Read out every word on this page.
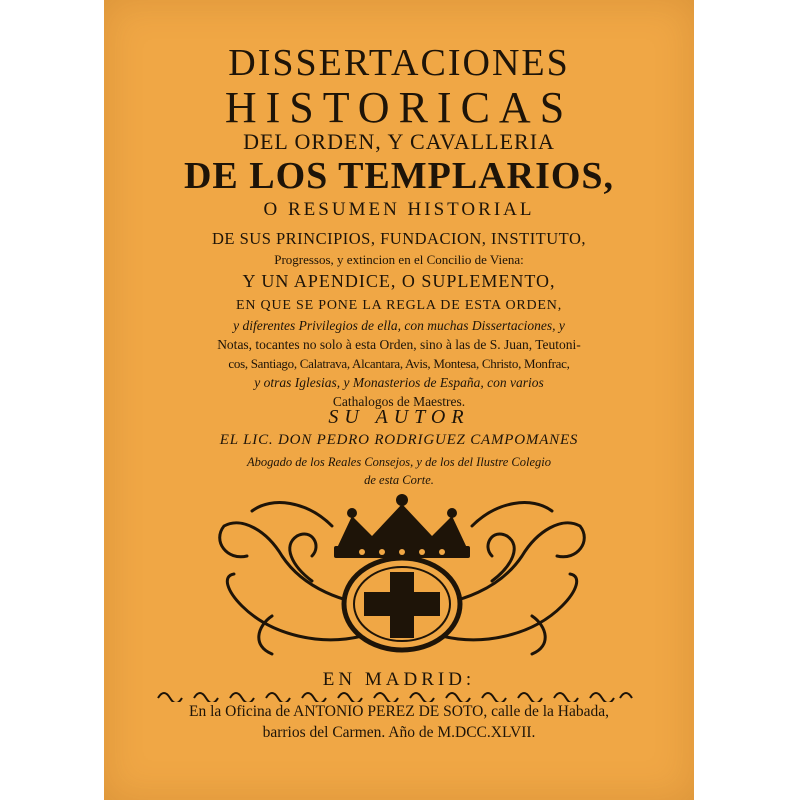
DISSERTACIONES

HISTORICAS

DEL ORDEN, Y CAVALLERIA

DE LOS TEMPLARIOS,

O RESUMEN HISTORIAL

DE SUS PRINCIPIOS, FUNDACION, INSTITUTO,

Progressos, y extincion en el Concilio de Viena:

Y UN APENDICE, O SUPLEMENTO,

EN QUE SE PONE LA REGLA DE ESTA ORDEN,

y diferentes Privilegios de ella, con muchas Dissertaciones, y

Notas, tocantes no solo à esta Orden, sino à las de S. Juan, Teutoni-

cos, Santiago, Calatrava, Alcantara, Avis, Montesa, Christo, Monfrac,

y otras Iglesias, y Monasterios de España, con varios

Cathalogos de Maestres.

SU AUTOR

EL LIC. DON PEDRO RODRIGUEZ CAMPOMANES

Abogado de los Reales Consejos, y de los del Ilustre Colegio

de esta Corte.

EN MADRID:

En la Oficina de ANTONIO PEREZ DE SOTO, calle de la Habada,

barrios del Carmen. Año de M.DCC.XLVII.
